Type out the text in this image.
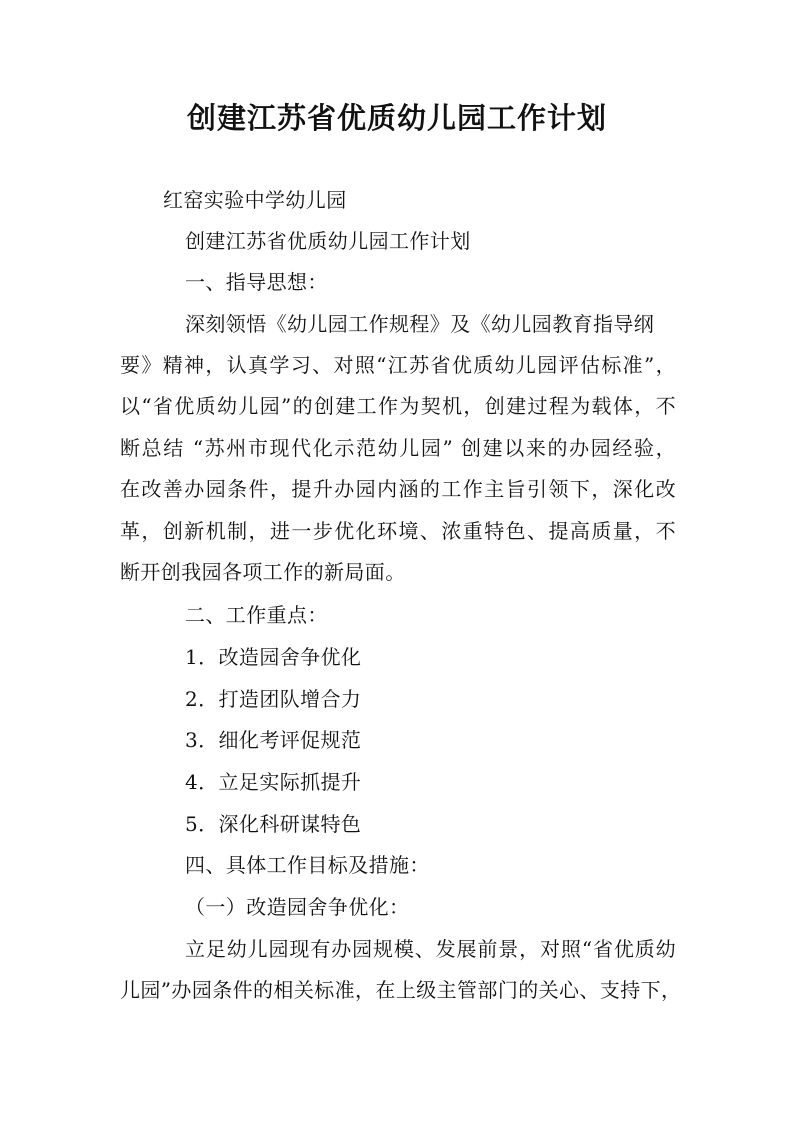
创建江苏省优质幼儿园工作计划
红窑实验中学幼儿园
创建江苏省优质幼儿园工作计划
一、指导思想：
深刻领悟《幼儿园工作规程》及《幼儿园教育指导纲
要》精神，认真学习、对照“江苏省优质幼儿园评估标准”，
以“省优质幼儿园”的创建工作为契机，创建过程为载体，不
断总结 “苏州市现代化示范幼儿园” 创建以来的办园经验，
在改善办园条件，提升办园内涵的工作主旨引领下，深化改
革，创新机制，进一步优化环境、浓重特色、提高质量，不
断开创我园各项工作的新局面。
二、工作重点：
1．改造园舍争优化
2．打造团队增合力
3．细化考评促规范
4．立足实际抓提升
5．深化科研谋特色
四、具体工作目标及措施：
（一）改造园舍争优化：
立足幼儿园现有办园规模、发展前景，对照“省优质幼
儿园”办园条件的相关标准，在上级主管部门的关心、支持下，
